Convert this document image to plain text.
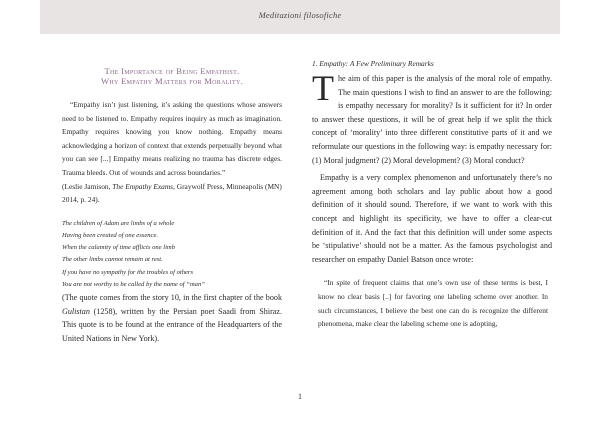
Meditazioni filosofiche
The Importance of Being Empathist.
Why Empathy Matters for Morality.

“Empathy isn’t just listening, it’s asking the questions whose answers need to be listened to. Empathy requires inquiry as much as imagination. Empathy requires knowing you know nothing. Empathy means acknowledging a horizon of context that extends perpetually beyond what you can see [...] Empathy means realizing no trauma has discrete edges. Trauma bleeds. Out of wounds and across boundaries.”

(Leslie Jamison, The Empathy Exams, Graywolf Press, Minneapolis (MN) 2014, p. 24).

The children of Adam are limbs of a whole
Having been created of one essence.
When the calamity of time afflicts one limb
The other limbs cannot remain at rest.
If you have no sympathy for the troubles of others
You are not worthy to be called by the name of “man”

(The quote comes from the story 10, in the first chapter of the book Gulistan (1258), written by the Persian poet Saadi from Shiraz. This quote is to be found at the entrance of the Headquarters of the United Nations in New York).

1. Empathy: A Few Preliminary Remarks

The aim of this paper is the analysis of the moral role of empathy. The main questions I wish to find an answer to are the following: is empathy necessary for morality? Is it sufficient for it? In order to answer these questions, it will be of great help if we split the thick concept of ‘morality’ into three different constitutive parts of it and we reformulate our questions in the following way: is empathy necessary for: (1) Moral judgment? (2) Moral development? (3) Moral conduct?

Empathy is a very complex phenomenon and unfortunately there’s no agreement among both scholars and lay public about how a good definition of it should sound. Therefore, if we want to work with this concept and highlight its specificity, we have to offer a clear-cut definition of it. And the fact that this definition will under some aspects be ‘stipulative’ should not be a matter. As the famous psychologist and researcher on empathy Daniel Batson once wrote:

“In spite of frequent claims that one’s own use of these terms is best, I know no clear basis [..] for favoring one labeling scheme over another. In such circumstances, I believe the best one can do is recognize the different phenomena, make clear the labeling scheme one is adopting,

1
